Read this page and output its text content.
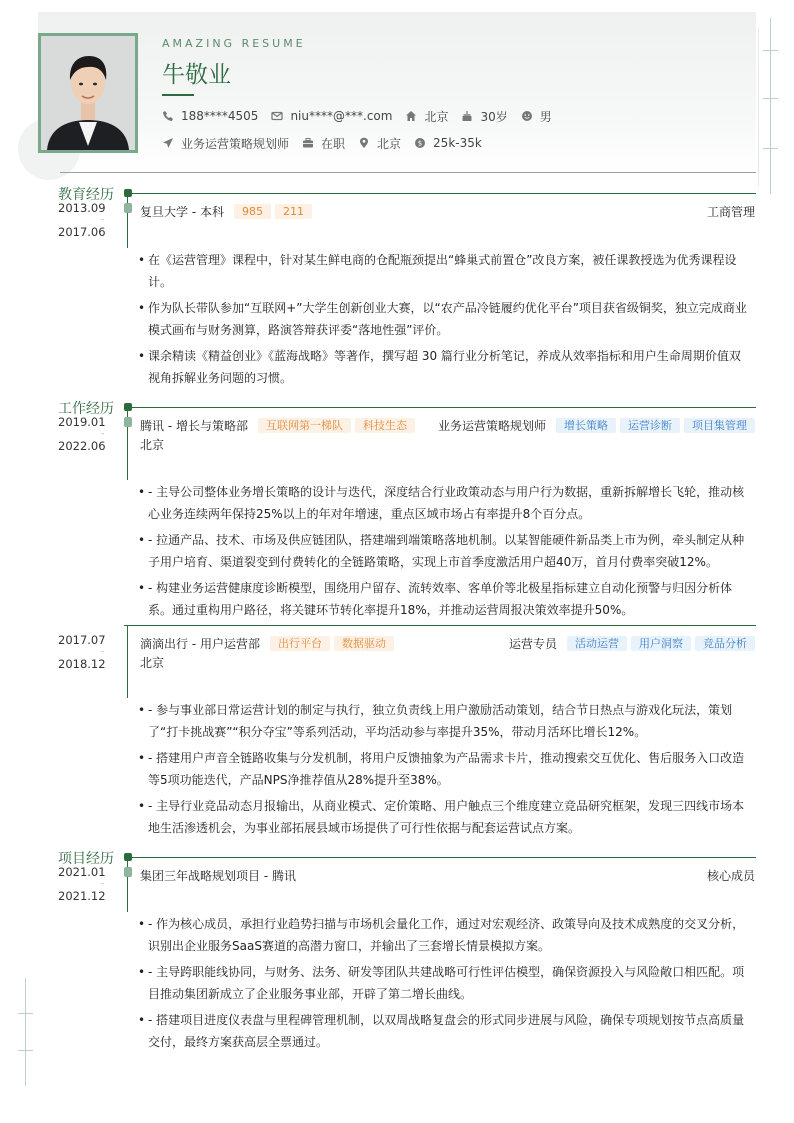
AMAZING RESUME
牛敬业
188****4505	niu****@***.com	北京	30岁	男
业务运营策略规划师	在职	北京 $ 25k-35k
教育经历
2013.09
-
2017.06
复旦大学 - 本科	985	211	工商管理
• 在《运营管理》课程中，针对某生鲜电商的仓配瓶颈提出“蜂巢式前置仓”改良方案，被任课教授选为优秀课程设计。
• 作为队长带队参加“互联网+”大学生创新创业大赛，以“农产品冷链履约优化平台”项目获省级铜奖，独立完成商业模式画布与财务测算，路演答辩获评委“落地性强”评价。
• 课余精读《精益创业》《蓝海战略》等著作，撰写超 30 篇行业分析笔记，养成从效率指标和用户生命周期价值双视角拆解业务问题的习惯。
工作经历
2019.01
-
2022.06
腾讯 - 增长与策略部	互联网第一梯队	科技生态	业务运营策略规划师	增长策略	运营诊断	项目集管理
北京
• - 主导公司整体业务增长策略的设计与迭代，深度结合行业政策动态与用户行为数据，重新拆解增长飞轮，推动核心业务连续两年保持25%以上的年对年增速，重点区域市场占有率提升8个百分点。
• - 拉通产品、技术、市场及供应链团队，搭建端到端策略落地机制。以某智能硬件新品类上市为例，牵头制定从种子用户培育、渠道裂变到付费转化的全链路策略，实现上市首季度激活用户超40万，首月付费率突破12%。
• - 构建业务运营健康度诊断模型，围绕用户留存、流转效率、客单价等北极星指标建立自动化预警与归因分析体系。通过重构用户路径，将关键环节转化率提升18%，并推动运营周报决策效率提升50%。
2017.07
-
2018.12
滴滴出行 - 用户运营部	出行平台	数据驱动	运营专员	活动运营	用户洞察	竞品分析
北京
• - 参与事业部日常运营计划的制定与执行，独立负责线上用户激励活动策划，结合节日热点与游戏化玩法，策划了“打卡挑战赛”“积分夺宝”等系列活动，平均活动参与率提升35%，带动月活环比增长12%。
• - 搭建用户声音全链路收集与分发机制，将用户反馈抽象为产品需求卡片，推动搜索交互优化、售后服务入口改造等5项功能迭代，产品NPS净推荐值从28%提升至38%。
• - 主导行业竞品动态月报输出，从商业模式、定价策略、用户触点三个维度建立竞品研究框架，发现三四线市场本地生活渗透机会，为事业部拓展县域市场提供了可行性依据与配套运营试点方案。
项目经历
2021.01
-
2021.12
集团三年战略规划项目 - 腾讯	核心成员
• - 作为核心成员，承担行业趋势扫描与市场机会量化工作，通过对宏观经济、政策导向及技术成熟度的交叉分析，识别出企业服务SaaS赛道的高潜力窗口，并输出了三套增长情景模拟方案。
• - 主导跨职能线协同，与财务、法务、研发等团队共建战略可行性评估模型，确保资源投入与风险敞口相匹配。项目推动集团新成立了企业服务事业部，开辟了第二增长曲线。
• - 搭建项目进度仪表盘与里程碑管理机制，以双周战略复盘会的形式同步进展与风险，确保专项规划按节点高质量交付，最终方案获高层全票通过。
